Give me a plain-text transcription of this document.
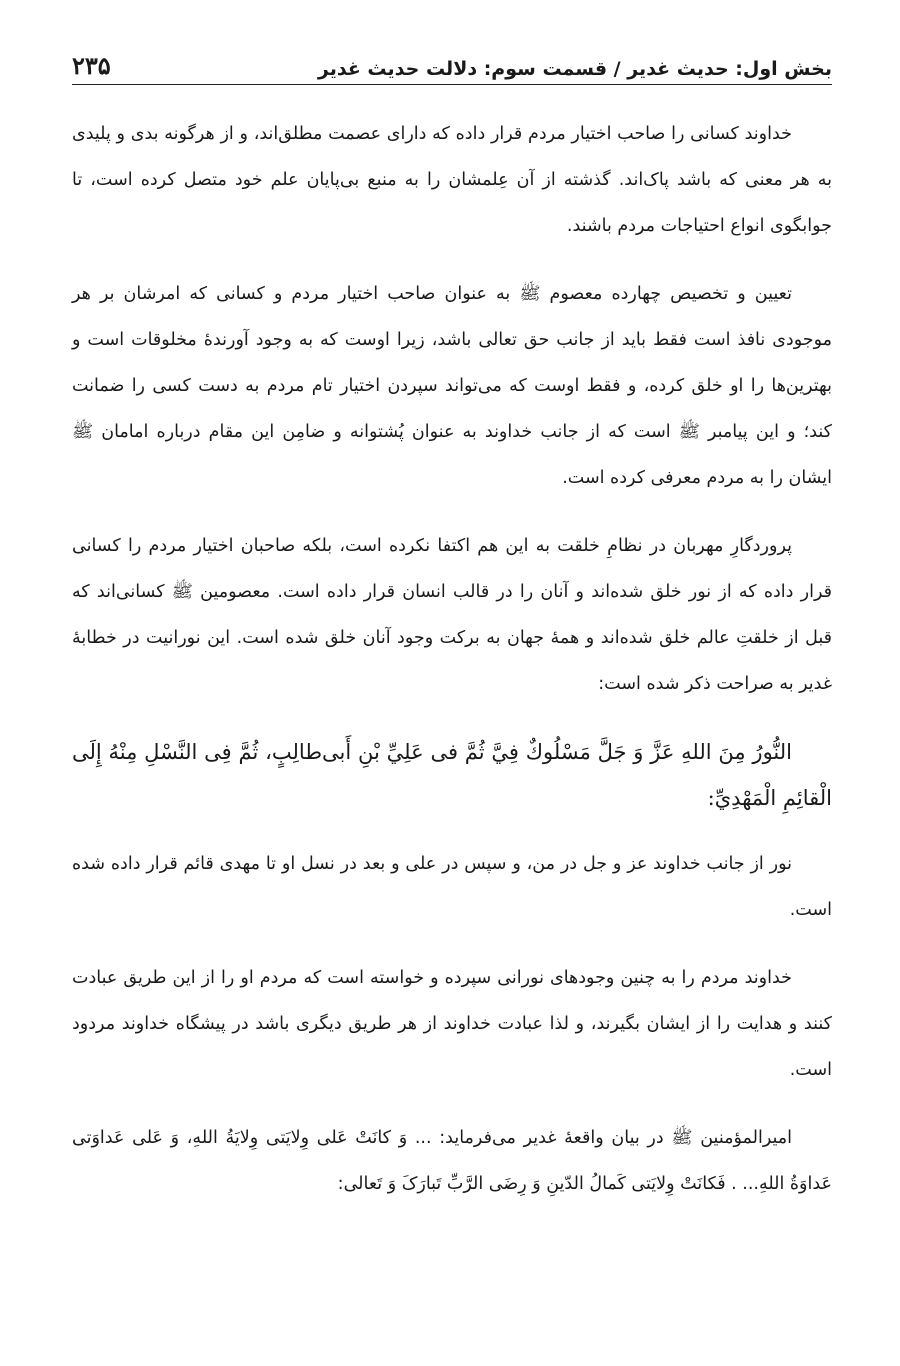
بخش اول: حدیث غدیر / قسمت سوم: دلالت حدیث غدیر
۲۳۵

خداوند کسانی را صاحب اختیار مردم قرار داده که دارای عصمت مطلق‌اند، و از هرگونه بدی و پلیدی به هر معنی که باشد پاک‌اند. گذشته از آن عِلمشان را به منبع بی‌پایان علم خود متصل کرده است، تا جوابگوی انواع احتیاجات مردم باشند.

تعیین و تخصیص چهارده معصوم ﷺ به عنوان صاحب اختیار مردم و کسانی که امرشان بر هر موجودی نافذ است فقط باید از جانب حق تعالی باشد، زیرا اوست که به وجود آورندۀ مخلوقات است و بهترین‌ها را او خلق کرده، و فقط اوست که می‌تواند سپردن اختیار تام مردم به دست کسی را ضمانت کند؛ و این پیامبر ﷺ است که از جانب خداوند به عنوان پُشتوانه و ضامِن این مقام درباره امامان ﷺ ایشان را به مردم معرفی کرده است.

پروردگارِ مهربان در نظامِ خلقت به این هم اکتفا نکرده است، بلکه صاحبان اختیار مردم را کسانی قرار داده که از نور خلق شده‌اند و آنان را در قالب انسان قرار داده است. معصومین ﷺ کسانی‌اند که قبل از خلقتِ عالم خلق شده‌اند و همۀ جهان به برکت وجود آنان خلق شده است. این نورانیت در خطابۀ غدیر به صراحت ذکر شده است:

النُّورُ مِنَ اللهِ عَزَّ وَ جَلَّ مَسْلُوكٌ فِيَّ ثُمَّ فی عَلِيِّ بْنِ أَبی‌طالِبٍ، ثُمَّ فِی النَّسْلِ مِنْهُ إِلَی الْقائِمِ الْمَهْدِيِّ:

نور از جانب خداوند عز و جل در من، و سپس در علی و بعد در نسل او تا مهدی قائم قرار داده شده است.

خداوند مردم را به چنین وجودهای نورانی سپرده و خواسته است که مردم او را از این طریق عبادت کنند و هدایت را از ایشان بگیرند، و لذا عبادت خداوند از هر طریق دیگری باشد در پیشگاه خداوند مردود است.

امیرالمؤمنین ﷺ در بیان واقعۀ غدیر می‌فرماید: ... وَ کانَتْ عَلی وِلایَتی وِلایَةُ اللهِ، وَ عَلی عَداوَتی عَداوَةُ اللهِ... . فَکانَتْ وِلایَتی کَمالُ الدّینِ وَ رِضَی الرَّبِّ تَبارَکَ وَ تَعالی:
